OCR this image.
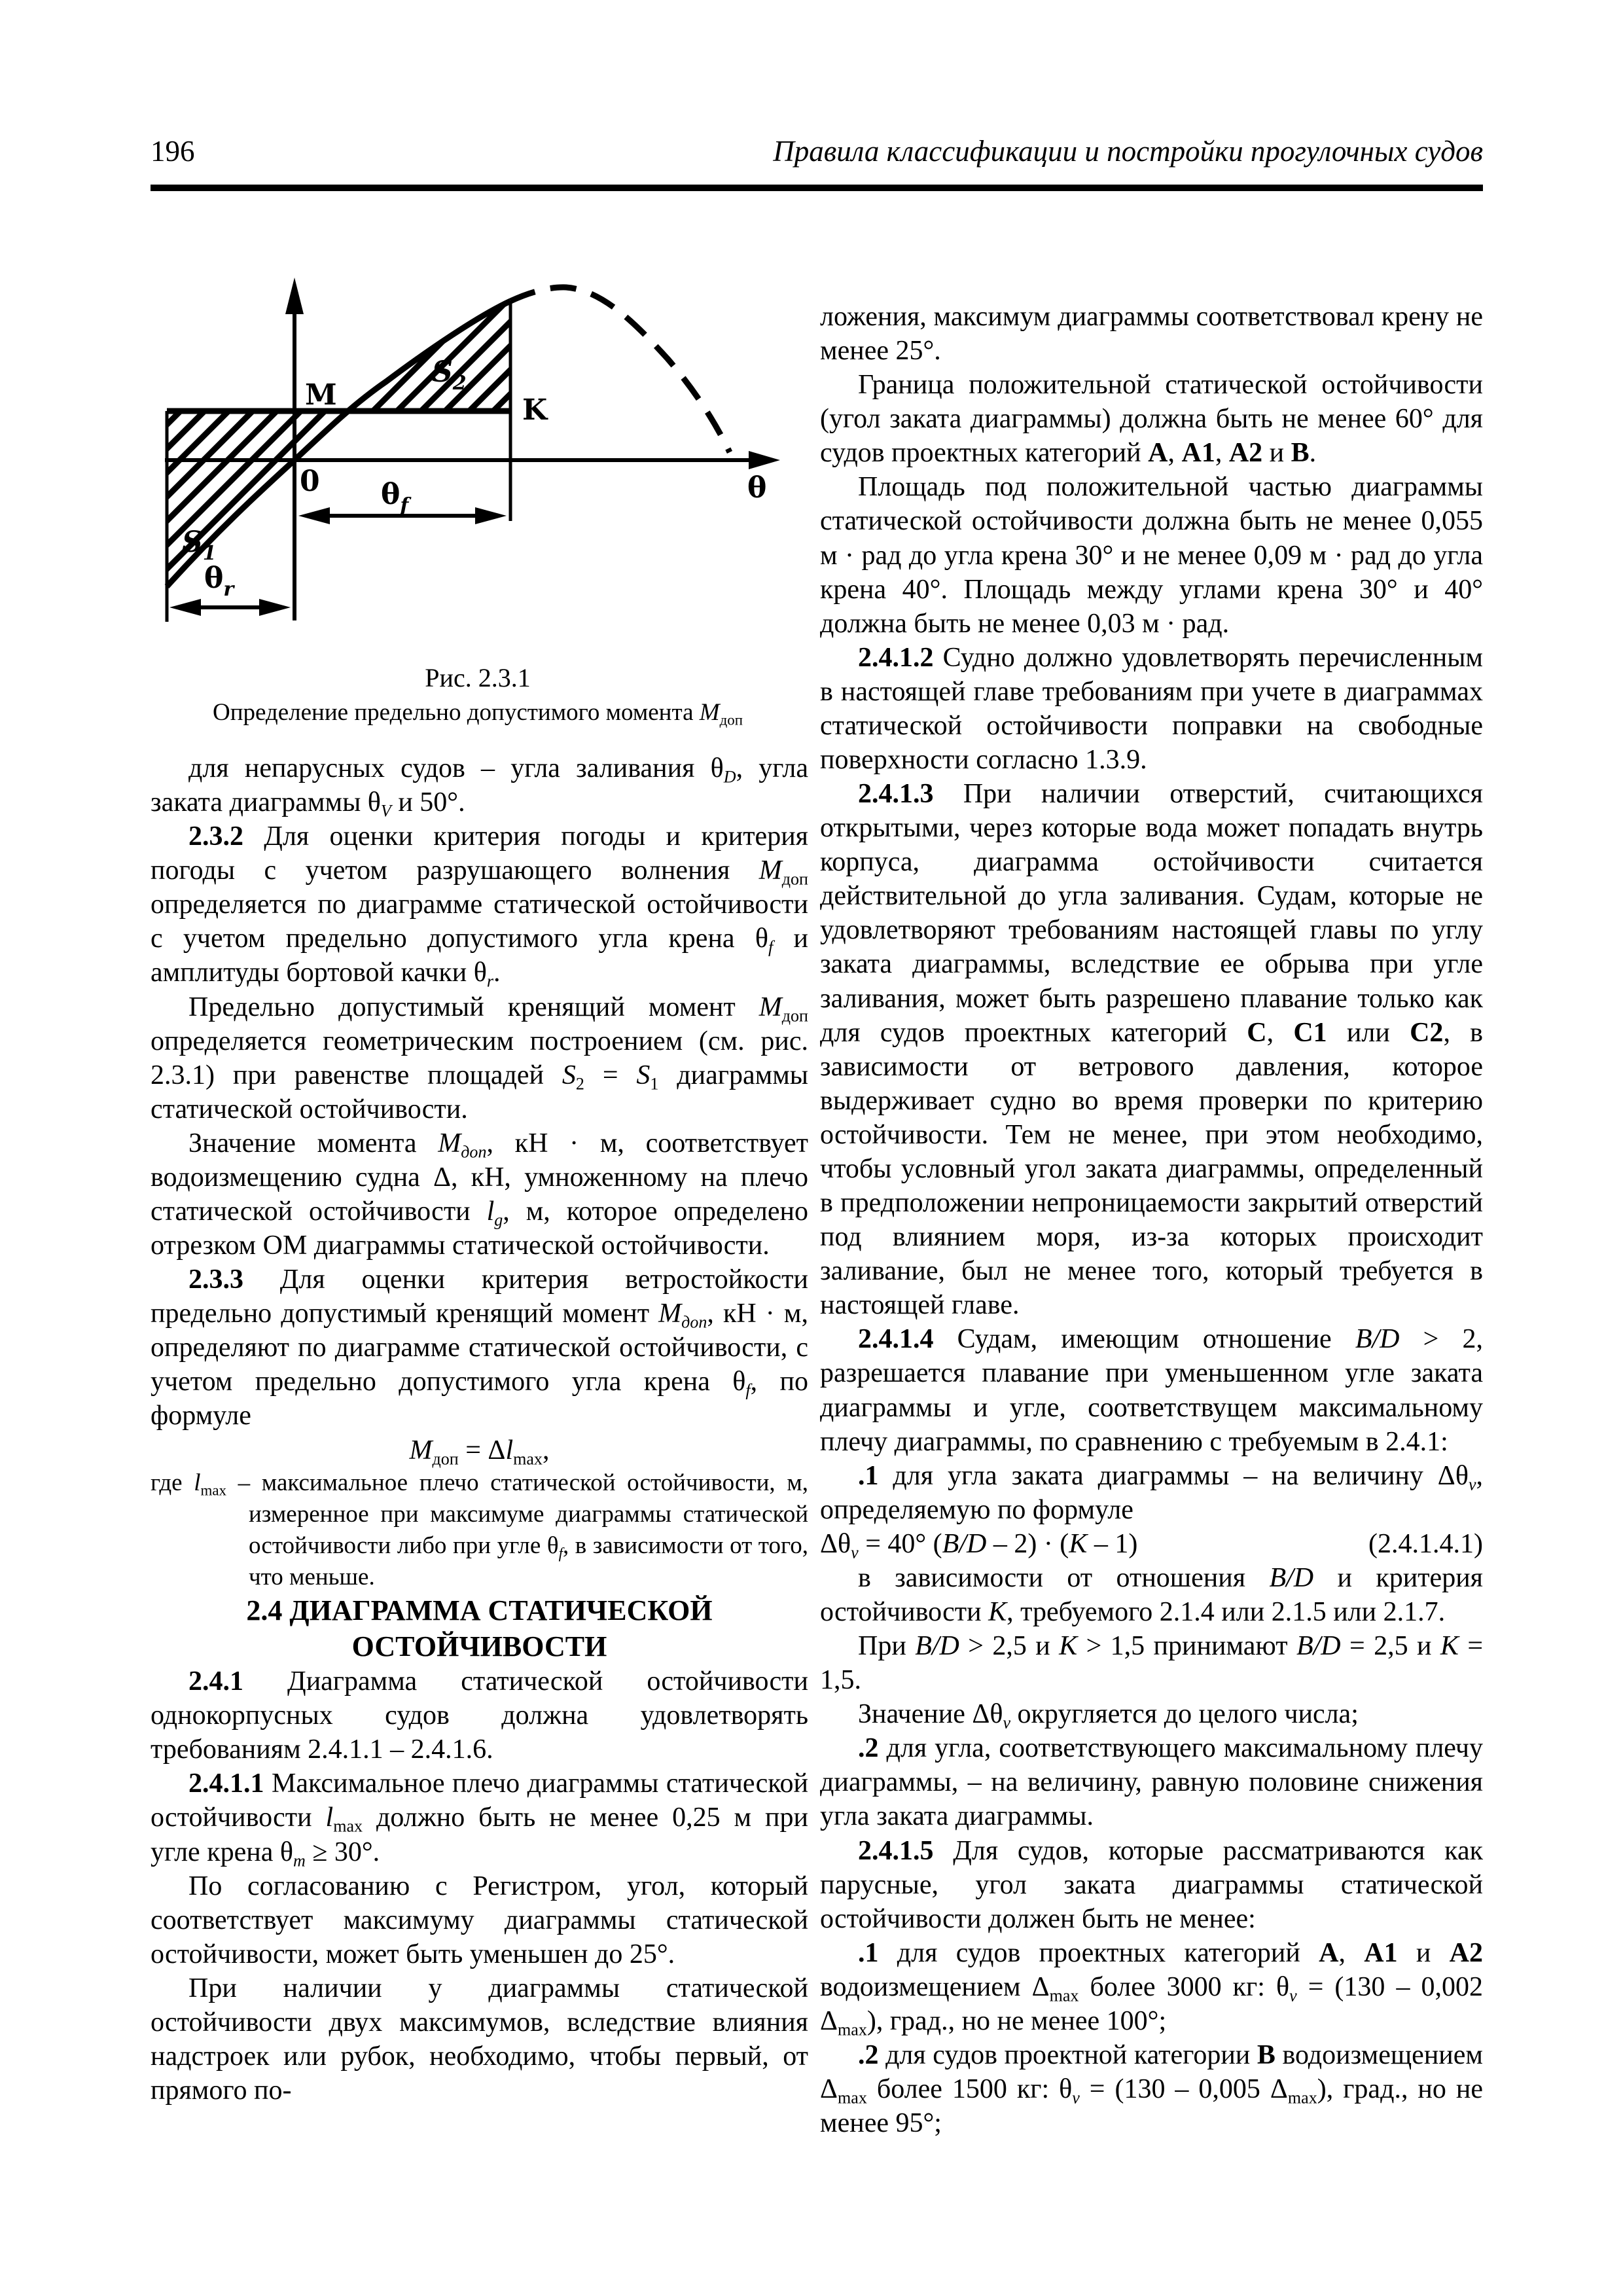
196	Правила классификации и постройки прогулочных судов
M	K
0
$S_1$
$S_2$
θ
$\theta_f$
$\theta_r$
Рис. 2.3.1
Определение предельно допустимого момента $М_{доп}$

для непарусных судов – угла заливания $\theta_D$, угла заката диаграммы $\theta_V$ и 50°.

2.3.2 Для оценки критерия погоды и критерия погоды с учетом разрушающего волнения $М_{доп}$ определяется по диаграмме статической остойчивости с учетом предельно допустимого угла крена $\theta_f$ и амплитуды бортовой качки $\theta_r$.

Предельно допустимый кренящий момент $М_{доп}$ определяется геометрическим построением (см. рис. 2.3.1) при равенстве площадей $S_2 = S_1$ диаграммы статической остойчивости.

Значение момента $М_{доп}$, кН · м, соответствует водоизмещению судна Δ, кН, умноженному на плечо статической остойчивости $l_g$, м, которое определено отрезком ОМ диаграммы статической остойчивости.

2.3.3 Для оценки критерия ветростойкости предельно допустимый кренящий момент $М_{доп}$, кН · м, определяют по диаграмме статической остойчивости, с учетом предельно допустимого угла крена $\theta_f$, по формуле

$М_{доп} = \Delta l_{max}$,

где $l_{max}$ – максимальное плечо статической остойчивости, м, измеренное при максимуме диаграммы статической остойчивости либо при угле $\theta_f$, в зависимости от того, что меньше.

2.4 ДИАГРАММА СТАТИЧЕСКОЙ ОСТОЙЧИВОСТИ

2.4.1 Диаграмма статической остойчивости однокорпусных судов должна удовлетворять требованиям 2.4.1.1 – 2.4.1.6.

2.4.1.1 Максимальное плечо диаграммы статической остойчивости $l_{max}$ должно быть не менее 0,25 м при угле крена $\theta_m \ge 30^\circ$.

По согласованию с Регистром, угол, который соответствует максимуму диаграммы статической остойчивости, может быть уменьшен до 25°.

При наличии у диаграммы статической остойчивости двух максимумов, вследствие влияния надстроек или рубок, необходимо, чтобы первый, от прямого по-

ложения, максимум диаграммы соответствовал крену не менее 25°.

Граница положительной статической остойчивости (угол заката диаграммы) должна быть не менее 60° для судов проектных категорий А, А1, А2 и В.

Площадь под положительной частью диаграммы статической остойчивости должна быть не менее 0,055 м · рад до угла крена 30° и не менее 0,09 м · рад до угла крена 40°. Площадь между углами крена 30° и 40° должна быть не менее 0,03 м · рад.

2.4.1.2 Судно должно удовлетворять перечисленным в настоящей главе требованиям при учете в диаграммах статической остойчивости поправки на свободные поверхности согласно 1.3.9.

2.4.1.3 При наличии отверстий, считающихся открытыми, через которые вода может попадать внутрь корпуса, диаграмма остойчивости считается действительной до угла заливания. Судам, которые не удовлетворяют требованиям настоящей главы по углу заката диаграммы, вследствие ее обрыва при угле заливания, может быть разрешено плавание только как для судов проектных категорий С, С1 или С2, в зависимости от ветрового давления, которое выдерживает судно во время проверки по критерию остойчивости. Тем не менее, при этом необходимо, чтобы условный угол заката диаграммы, определенный в предположении непроницаемости закрытий отверстий под влиянием моря, из-за которых происходит заливание, был не менее того, который требуется в настоящей главе.

2.4.1.4 Судам, имеющим отношение B/D > 2, разрешается плавание при уменьшенном угле заката диаграммы и угле, соответствущем максимальному плечу диаграммы, по сравнению с требуемым в 2.4.1:

.1 для угла заката диаграммы – на величину $\Delta\theta_v$, определяемую по формуле

$\Delta\theta_v = 40^\circ$ (B/D – 2) · (K – 1)	(2.4.1.4.1)

в зависимости от отношения B/D и критерия остойчивости K, требуемого 2.1.4 или 2.1.5 или 2.1.7.

При B/D > 2,5 и K > 1,5 принимают B/D = 2,5 и K = 1,5.

Значение $\Delta\theta_v$ округляется до целого числа;

.2 для угла, соответствующего максимальному плечу диаграммы, – на величину, равную половине снижения угла заката диаграммы.

2.4.1.5 Для судов, которые рассматриваются как парусные, угол заката диаграммы статической остойчивости должен быть не менее:

.1 для судов проектных категорий А, А1 и А2 водоизмещением $\Delta_{max}$ более 3000 кг: $\theta_v = (130 - 0,002$ $\Delta_{max}$), град., но не менее 100°;

.2 для судов проектной категории В водоизмещением $\Delta_{max}$ более 1500 кг: $\theta_v = (130 - 0,005$ $\Delta_{max}$), град., но не менее 95°;
